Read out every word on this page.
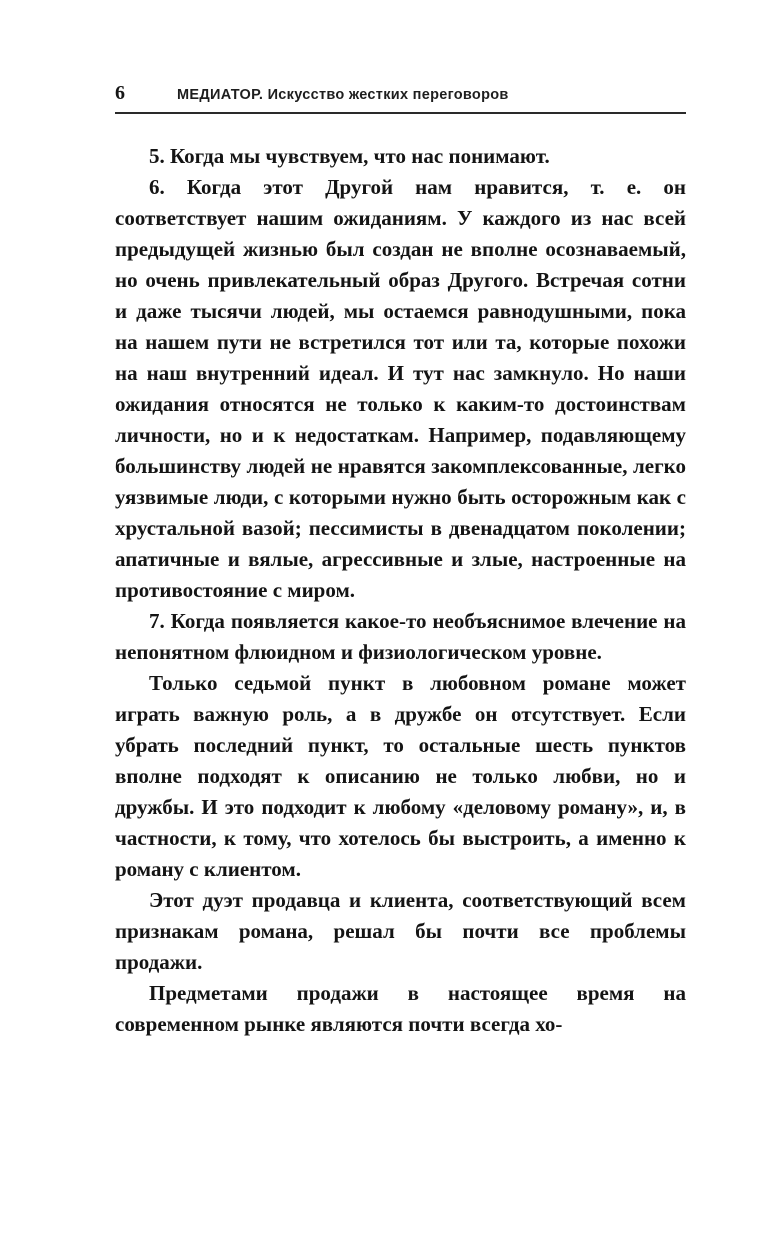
6	МЕДИАТОР. Искусство жестких переговоров

5. Когда мы чувствуем, что нас понимают.

6. Когда этот Другой нам нравится, т. е. он соответствует нашим ожиданиям. У каждого из нас всей предыдущей жизнью был создан не вполне осознаваемый, но очень привлекательный образ Другого. Встречая сотни и даже тысячи людей, мы остаемся равнодушными, пока на нашем пути не встретился тот или та, которые похожи на наш внутренний идеал. И тут нас замкнуло. Но наши ожидания относятся не только к каким-то достоинствам личности, но и к недостаткам. Например, подавляющему большинству людей не нравятся закомплексованные, легко уязвимые люди, с которыми нужно быть осторожным как с хрустальной вазой; пессимисты в двенадцатом поколении; апатичные и вялые, агрессивные и злые, настроенные на противостояние с миром.

7. Когда появляется какое-то необъяснимое влечение на непонятном флюидном и физиологическом уровне.

Только седьмой пункт в любовном романе может играть важную роль, а в дружбе он отсутствует. Если убрать последний пункт, то остальные шесть пунктов вполне подходят к описанию не только любви, но и дружбы. И это подходит к любому «деловому роману», и, в частности, к тому, что хотелось бы выстроить, а именно к роману с клиентом.

Этот дуэт продавца и клиента, соответствующий всем признакам романа, решал бы почти все проблемы продажи.

Предметами продажи в настоящее время на современном рынке являются почти всегда хо-
